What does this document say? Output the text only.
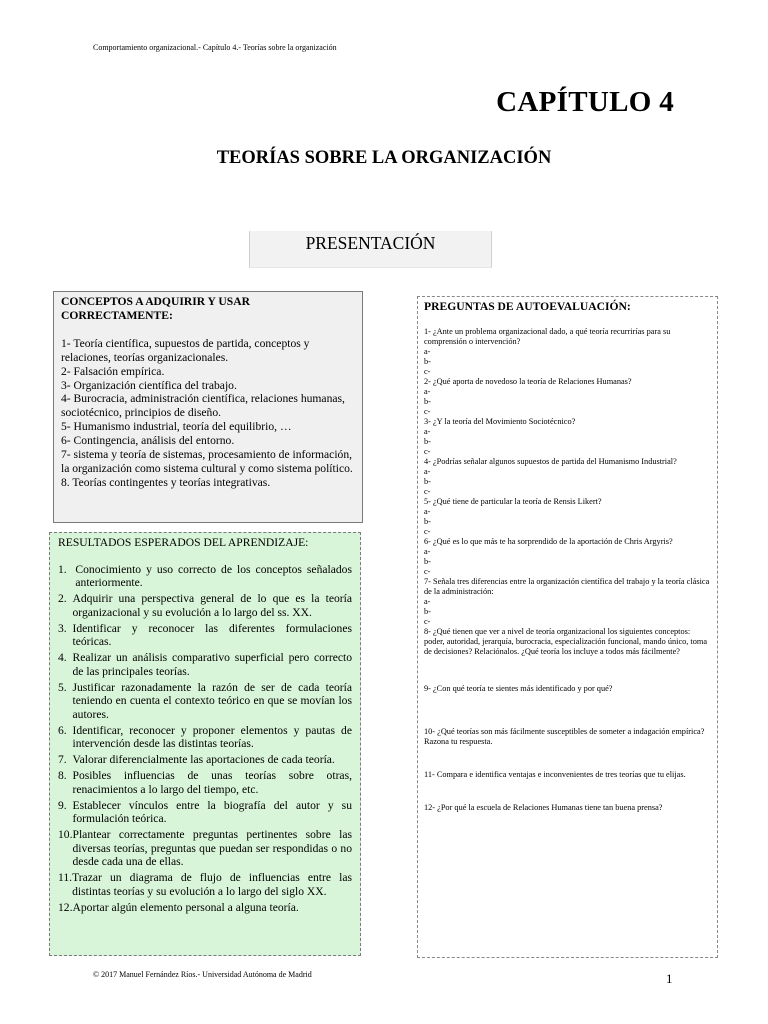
Comportamiento organizacional.- Capítulo 4.- Teorías sobre la organización
CAPÍTULO 4
TEORÍAS SOBRE LA ORGANIZACIÓN
PRESENTACIÓN
CONCEPTOS A ADQUIRIR Y USAR CORRECTAMENTE:
1- Teoría científica, supuestos de partida, conceptos y relaciones, teorías organizacionales.
2- Falsación empírica.
3- Organización científica del trabajo.
4- Burocracia, administración científica, relaciones humanas, sociotécnico, principios de diseño.
5- Humanismo industrial, teoría del equilibrio, …
6- Contingencia, análisis del entorno.
7- sistema y teoría de sistemas, procesamiento de información, la organización como sistema cultural y como sistema político.
8. Teorías contingentes y teorías integrativas.
RESULTADOS ESPERADOS DEL APRENDIZAJE:
1. Conocimiento y uso correcto de los conceptos señalados anteriormente.
2. Adquirir una perspectiva general de lo que es la teoría organizacional y su evolución a lo largo del ss. XX.
3. Identificar y reconocer las diferentes formulaciones teóricas.
4. Realizar un análisis comparativo superficial pero correcto de las principales teorías.
5. Justificar razonadamente la razón de ser de cada teoría teniendo en cuenta el contexto teórico en que se movían los autores.
6. Identificar, reconocer y proponer elementos y pautas de intervención desde las distintas teorías.
7. Valorar diferencialmente las aportaciones de cada teoría.
8. Posibles influencias de unas teorías sobre otras, renacimientos a lo largo del tiempo, etc.
9. Establecer vínculos entre la biografía del autor y su formulación teórica.
10. Plantear correctamente preguntas pertinentes sobre las diversas teorías, preguntas que puedan ser respondidas o no desde cada una de ellas.
11. Trazar un diagrama de flujo de influencias entre las distintas teorías y su evolución a lo largo del siglo XX.
12. Aportar algún elemento personal a alguna teoría.
PREGUNTAS DE AUTOEVALUACIÓN:
1- ¿Ante un problema organizacional dado, a qué teoría recurrirías para su comprensión o intervención?
a-
b-
c-
2- ¿Qué aporta de novedoso la teoría de Relaciones Humanas?
a-
b-
c-
3- ¿Y la teoría del Movimiento Sociotécnico?
a-
b-
c-
4- ¿Podrías señalar algunos supuestos de partida del Humanismo Industrial?
a-
b-
c-
5- ¿Qué tiene de particular la teoría de Rensis Likert?
a-
b-
c-
6- ¿Qué es lo que más te ha sorprendido de la aportación de Chris Argyris?
a-
b-
c-
7- Señala tres diferencias entre la organización científica del trabajo y la teoría clásica de la administración:
a-
b-
c-
8- ¿Qué tienen que ver a nivel de teoría organizacional los siguientes conceptos: poder, autoridad, jerarquía, burocracia, especialización funcional, mando único, toma de decisiones? Relaciónalos. ¿Qué teoría los incluye a todos más fácilmente?
9- ¿Con qué teoría te sientes más identificado y por qué?
10- ¿Qué teorías son más fácilmente susceptibles de someter a indagación empírica? Razona tu respuesta.
11- Compara e identifica ventajas e inconvenientes de tres teorías que tu elijas.
12- ¿Por qué la escuela de Relaciones Humanas tiene tan buena prensa?
© 2017 Manuel Fernández Ríos.- Universidad Autónoma de Madrid	1
